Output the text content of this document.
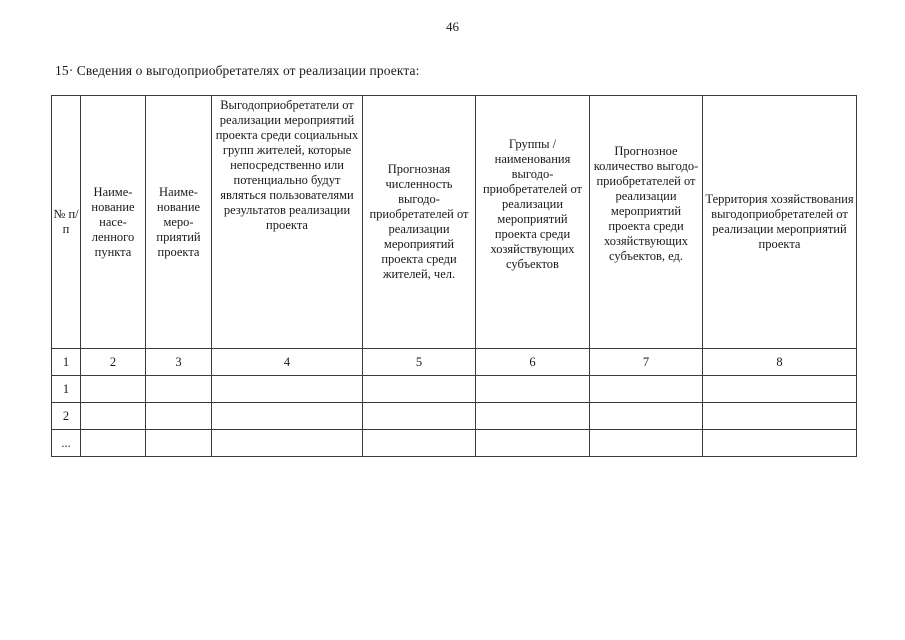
46
15· Сведения о выгодоприобретателях от реализации проекта:
№ п/п	Наиме-нование насе-ленного пункта	Наиме-нование меро-приятий проекта	Выгодоприобретатели от реализации мероприятий проекта среди социальных групп жителей, которые непосредственно или потенциально будут являться пользователями результатов реализации проекта	Прогнозная численность выгодо-приобретателей от реализации мероприятий проекта среди жителей, чел.	Группы / наименования выгодо-приобретателей от реализации мероприятий проекта среди хозяйствующих субъектов	Прогнозное количество выгодо-приобретателей от реализации мероприятий проекта среди хозяйствующих субъектов, ед.	Территория хозяйствования выгодоприобретателей от реализации мероприятий проекта
1	2	3	4	5	6	7	8
1							
2							
...							
